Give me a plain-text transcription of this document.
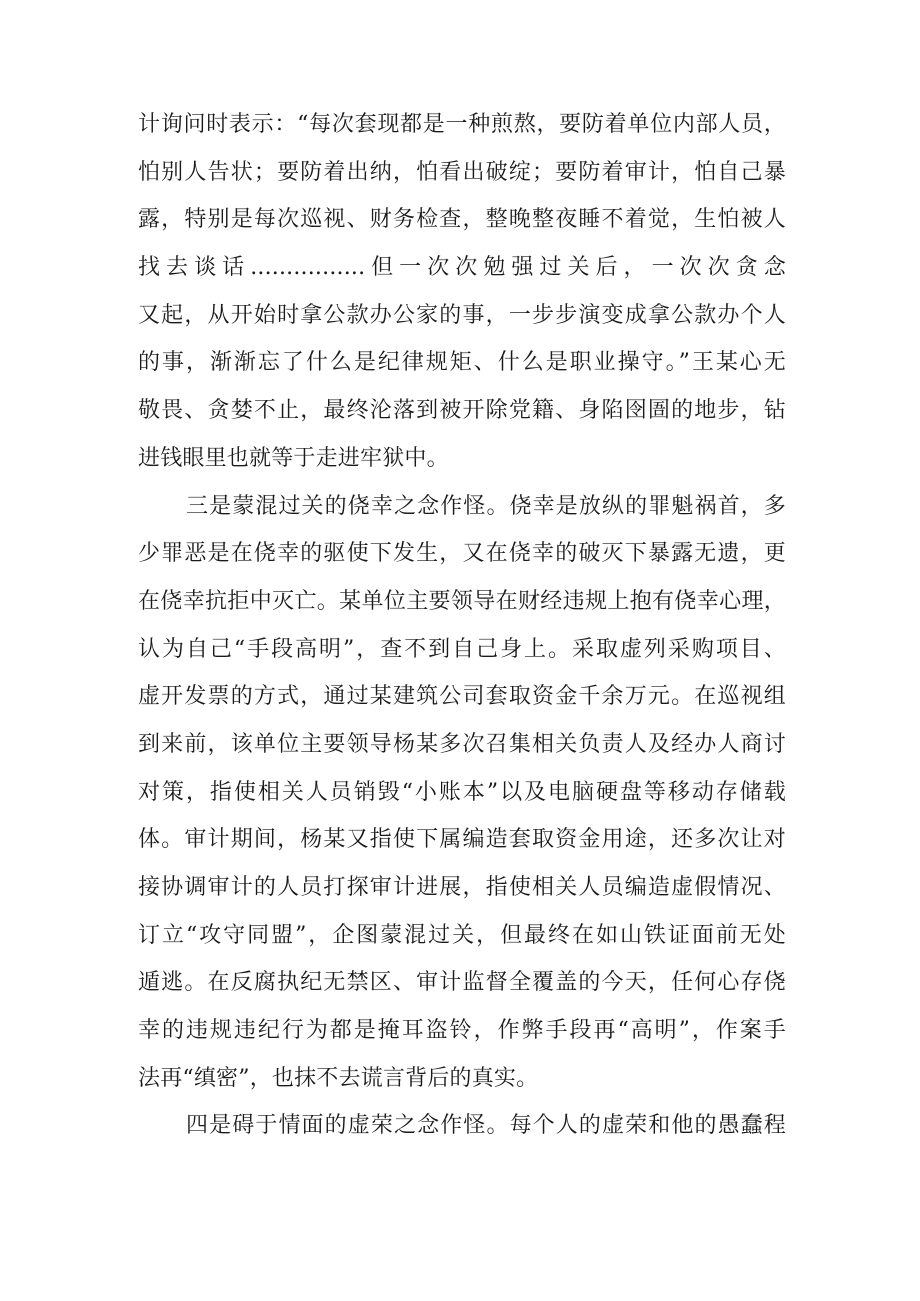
计询问时表示：“每次套现都是一种煎熬，要防着单位内部人员，
怕别人告状；要防着出纳，怕看出破绽；要防着审计，怕自己暴
露，特别是每次巡视、财务检查，整晚整夜睡不着觉，生怕被人
找去谈话................但一次次勉强过关后，一次次贪念
又起，从开始时拿公款办公家的事，一步步演变成拿公款办个人
的事，渐渐忘了什么是纪律规矩、什么是职业操守。”王某心无
敬畏、贪婪不止，最终沦落到被开除党籍、身陷囹圄的地步，钻
进钱眼里也就等于走进牢狱中。
三是蒙混过关的侥幸之念作怪。侥幸是放纵的罪魁祸首，多
少罪恶是在侥幸的驱使下发生，又在侥幸的破灭下暴露无遗，更
在侥幸抗拒中灭亡。某单位主要领导在财经违规上抱有侥幸心理，
认为自己“手段高明”，查不到自己身上。采取虚列采购项目、
虚开发票的方式，通过某建筑公司套取资金千余万元。在巡视组
到来前，该单位主要领导杨某多次召集相关负责人及经办人商讨
对策，指使相关人员销毁“小账本”以及电脑硬盘等移动存储载
体。审计期间，杨某又指使下属编造套取资金用途，还多次让对
接协调审计的人员打探审计进展，指使相关人员编造虚假情况、
订立“攻守同盟”，企图蒙混过关，但最终在如山铁证面前无处
遁逃。在反腐执纪无禁区、审计监督全覆盖的今天，任何心存侥
幸的违规违纪行为都是掩耳盗铃，作弊手段再“高明”，作案手
法再“缜密”，也抹不去谎言背后的真实。
四是碍于情面的虚荣之念作怪。每个人的虚荣和他的愚蠢程
